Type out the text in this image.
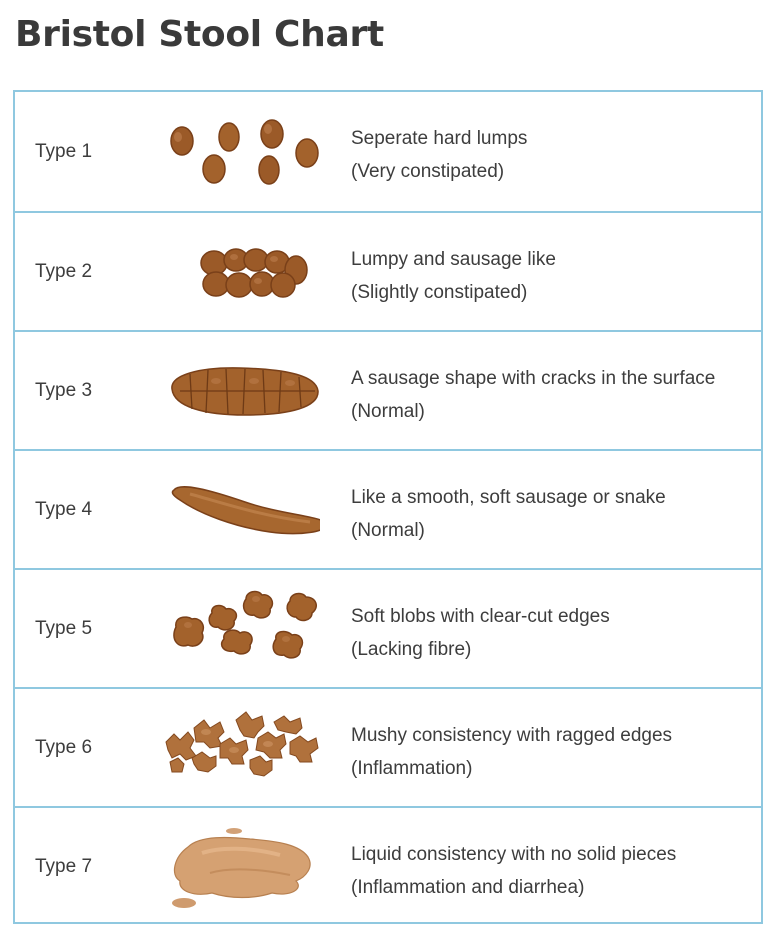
Bristol Stool Chart
Type 1
Seperate hard lumps
(Very constipated)
Type 2
Lumpy and sausage like
(Slightly constipated)
Type 3
A sausage shape with cracks in the surface
(Normal)
Type 4
Like a smooth, soft sausage or snake
(Normal)
Type 5
Soft blobs with clear-cut edges
(Lacking fibre)
Type 6
Mushy consistency with ragged edges
(Inflammation)
Type 7
Liquid consistency with no solid pieces
(Inflammation and diarrhea)
